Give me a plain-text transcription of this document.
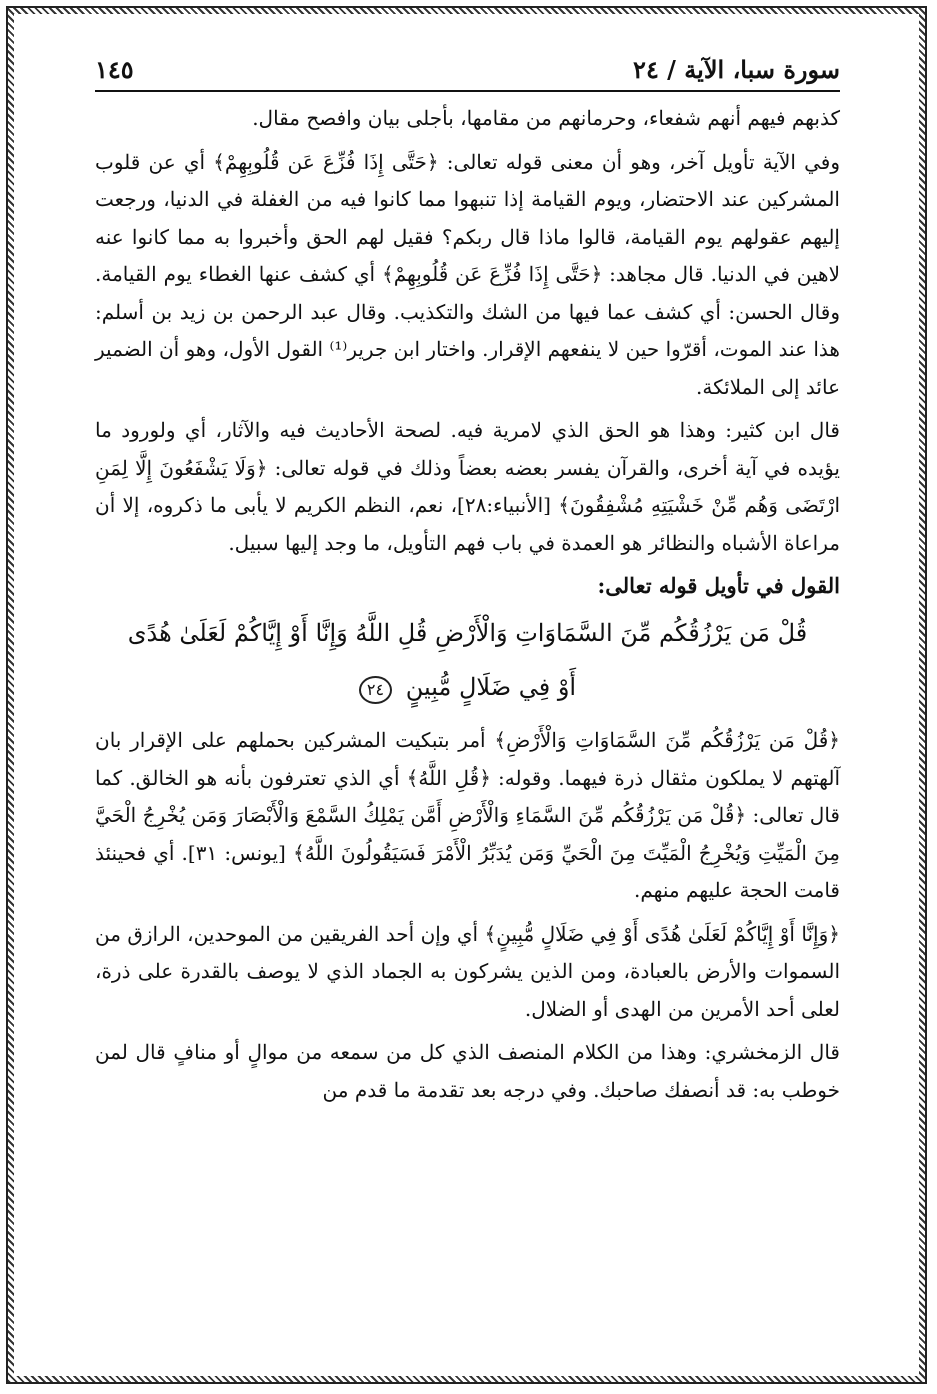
سورة سبا، الآية / ٢٤
١٤٥

كذبهم فيهم أنهم شفعاء، وحرمانهم من مقامها، بأجلى بيان وافصح مقال.

وفي الآية تأويل آخر، وهو أن معنى قوله تعالى: ﴿حَتَّى إِذَا فُزِّعَ عَن قُلُوبِهِمْ﴾ أي عن قلوب المشركين عند الاحتضار، ويوم القيامة إذا تنبهوا مما كانوا فيه من الغفلة في الدنيا، ورجعت إليهم عقولهم يوم القيامة، قالوا ماذا قال ربكم؟ فقيل لهم الحق وأخبروا به مما كانوا عنه لاهين في الدنيا. قال مجاهد: ﴿حَتَّى إِذَا فُزِّعَ عَن قُلُوبِهِمْ﴾ أي كشف عنها الغطاء يوم القيامة. وقال الحسن: أي كشف عما فيها من الشك والتكذيب. وقال عبد الرحمن بن زيد بن أسلم: هذا عند الموت، أقرّوا حين لا ينفعهم الإقرار. واختار ابن جرير⁽¹⁾ القول الأول، وهو أن الضمير عائد إلى الملائكة.

قال ابن كثير: وهذا هو الحق الذي لامرية فيه. لصحة الأحاديث فيه والآثار، أي ولورود ما يؤيده في آية أخرى، والقرآن يفسر بعضه بعضاً وذلك في قوله تعالى: ﴿وَلَا يَشْفَعُونَ إِلَّا لِمَنِ ارْتَضَى وَهُم مِّنْ خَشْيَتِهِ مُشْفِقُونَ﴾ [الأنبياء:٢٨]، نعم، النظم الكريم لا يأبى ما ذكروه، إلا أن مراعاة الأشباه والنظائر هو العمدة في باب فهم التأويل، ما وجد إليها سبيل.

القول في تأويل قوله تعالى:
قُلْ مَن يَرْزُقُكُم مِّنَ السَّمَاوَاتِ وَالْأَرْضِ قُلِ اللَّهُ وَإِنَّا أَوْ إِيَّاكُمْ لَعَلَىٰ هُدًى
أَوْ فِي ضَلَالٍ مُّبِينٍ ٢٤

﴿قُلْ مَن يَرْزُقُكُم مِّنَ السَّمَاوَاتِ وَالْأَرْضِ﴾ أمر بتبكيت المشركين بحملهم على الإقرار بان آلهتهم لا يملكون مثقال ذرة فيهما. وقوله: ﴿قُلِ اللَّهُ﴾ أي الذي تعترفون بأنه هو الخالق. كما قال تعالى: ﴿قُلْ مَن يَرْزُقُكُم مِّنَ السَّمَاءِ وَالْأَرْضِ أَمَّن يَمْلِكُ السَّمْعَ وَالْأَبْصَارَ وَمَن يُخْرِجُ الْحَيَّ مِنَ الْمَيِّتِ وَيُخْرِجُ الْمَيِّتَ مِنَ الْحَيِّ وَمَن يُدَبِّرُ الْأَمْرَ فَسَيَقُولُونَ اللَّهُ﴾ [يونس: ٣١]. أي فحينئذ قامت الحجة عليهم منهم.

﴿وَإِنَّا أَوْ إِيَّاكُمْ لَعَلَىٰ هُدًى أَوْ فِي ضَلَالٍ مُّبِينٍ﴾ أي وإن أحد الفريقين من الموحدين، الرازق من السموات والأرض بالعبادة، ومن الذين يشركون به الجماد الذي لا يوصف بالقدرة على ذرة، لعلى أحد الأمرين من الهدى أو الضلال.

قال الزمخشري: وهذا من الكلام المنصف الذي كل من سمعه من موالٍ أو منافٍ قال لمن خوطب به: قد أنصفك صاحبك. وفي درجه بعد تقدمة ما قدم من
